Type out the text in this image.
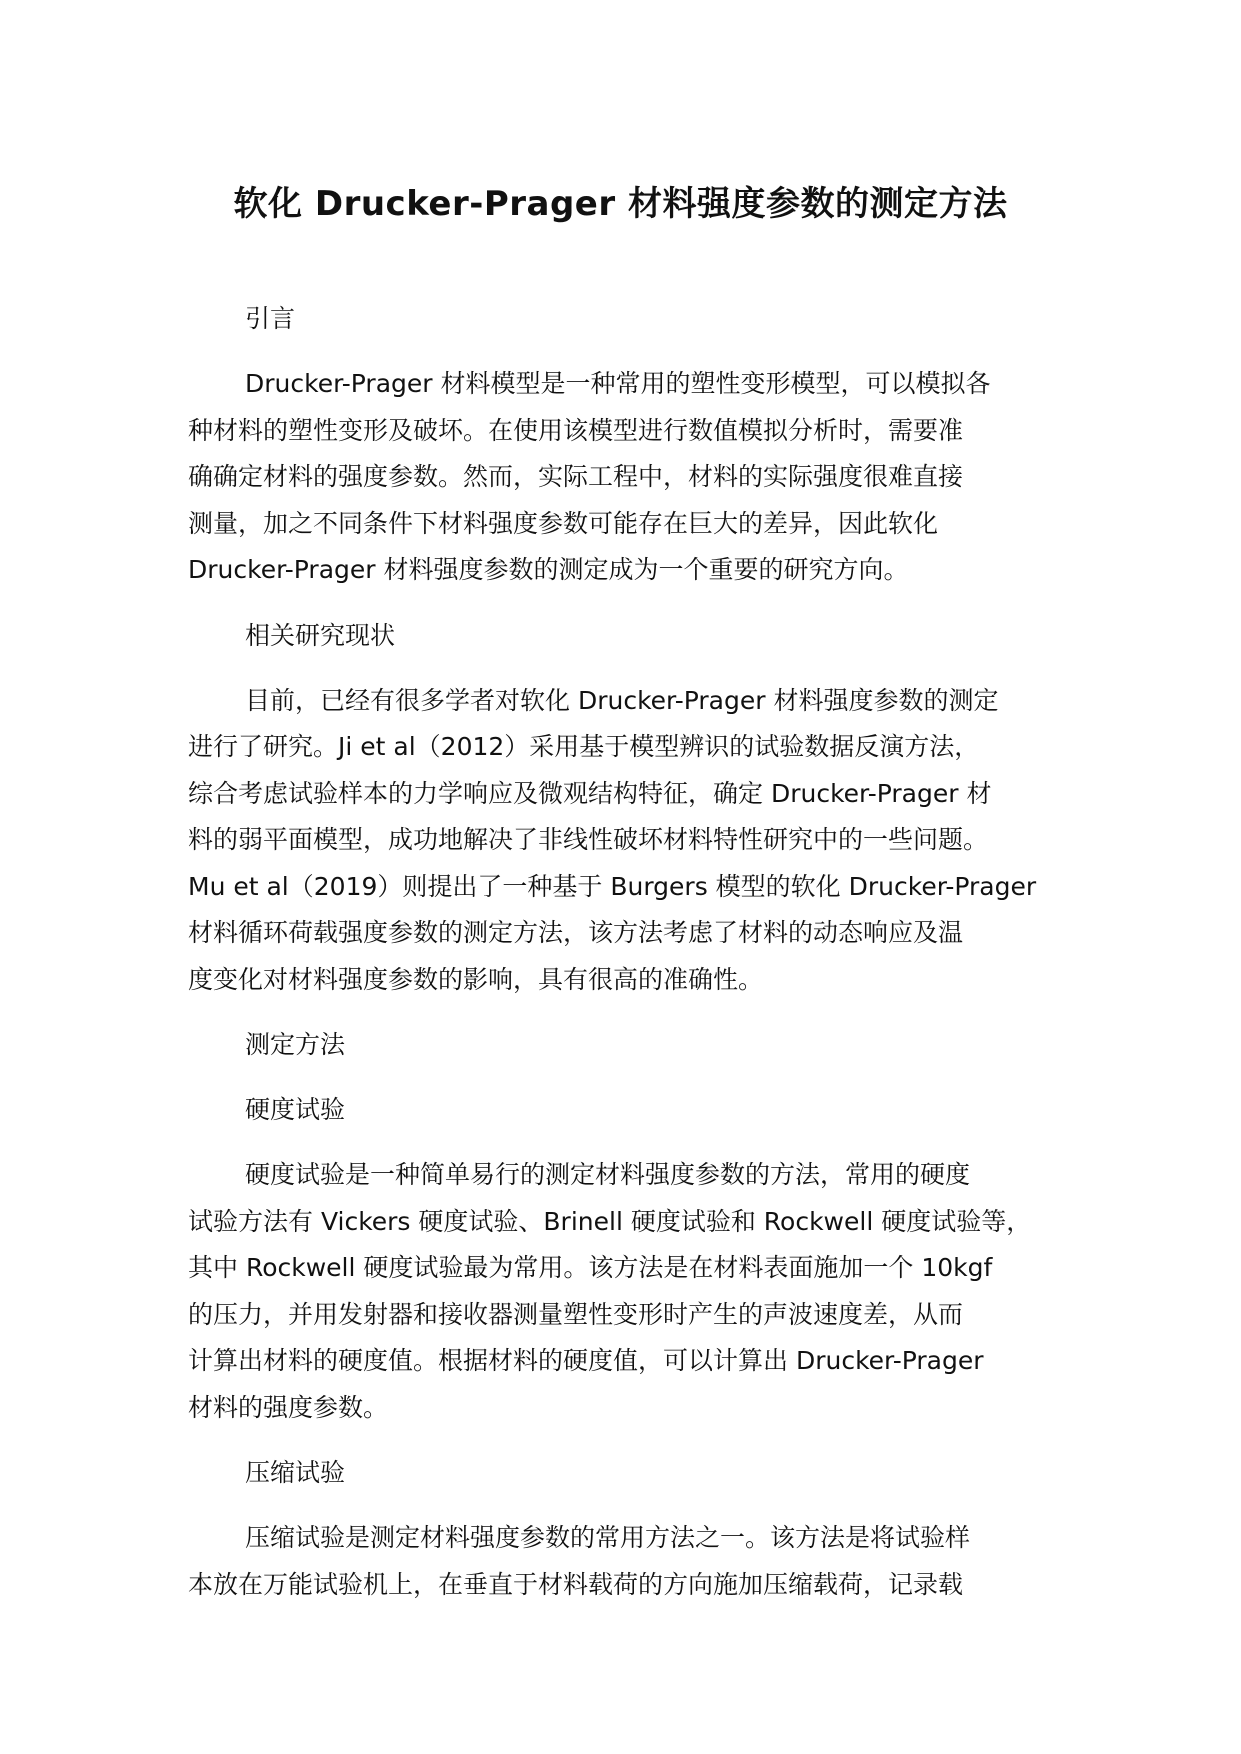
软化 Drucker-Prager 材料强度参数的测定方法
引言
Drucker-Prager 材料模型是一种常用的塑性变形模型，可以模拟各
种材料的塑性变形及破坏。在使用该模型进行数值模拟分析时，需要准
确确定材料的强度参数。然而，实际工程中，材料的实际强度很难直接
测量，加之不同条件下材料强度参数可能存在巨大的差异，因此软化
Drucker-Prager 材料强度参数的测定成为一个重要的研究方向。
相关研究现状
目前，已经有很多学者对软化 Drucker-Prager 材料强度参数的测定
进行了研究。Ji et al（2012）采用基于模型辨识的试验数据反演方法，
综合考虑试验样本的力学响应及微观结构特征，确定 Drucker-Prager 材
料的弱平面模型，成功地解决了非线性破坏材料特性研究中的一些问题。
Mu et al（2019）则提出了一种基于 Burgers 模型的软化 Drucker-Prager
材料循环荷载强度参数的测定方法，该方法考虑了材料的动态响应及温
度变化对材料强度参数的影响，具有很高的准确性。
测定方法
硬度试验
硬度试验是一种简单易行的测定材料强度参数的方法，常用的硬度
试验方法有 Vickers 硬度试验、Brinell 硬度试验和 Rockwell 硬度试验等，
其中 Rockwell 硬度试验最为常用。该方法是在材料表面施加一个 10kgf
的压力，并用发射器和接收器测量塑性变形时产生的声波速度差，从而
计算出材料的硬度值。根据材料的硬度值，可以计算出 Drucker-Prager
材料的强度参数。
压缩试验
压缩试验是测定材料强度参数的常用方法之一。该方法是将试验样
本放在万能试验机上，在垂直于材料载荷的方向施加压缩载荷，记录载
